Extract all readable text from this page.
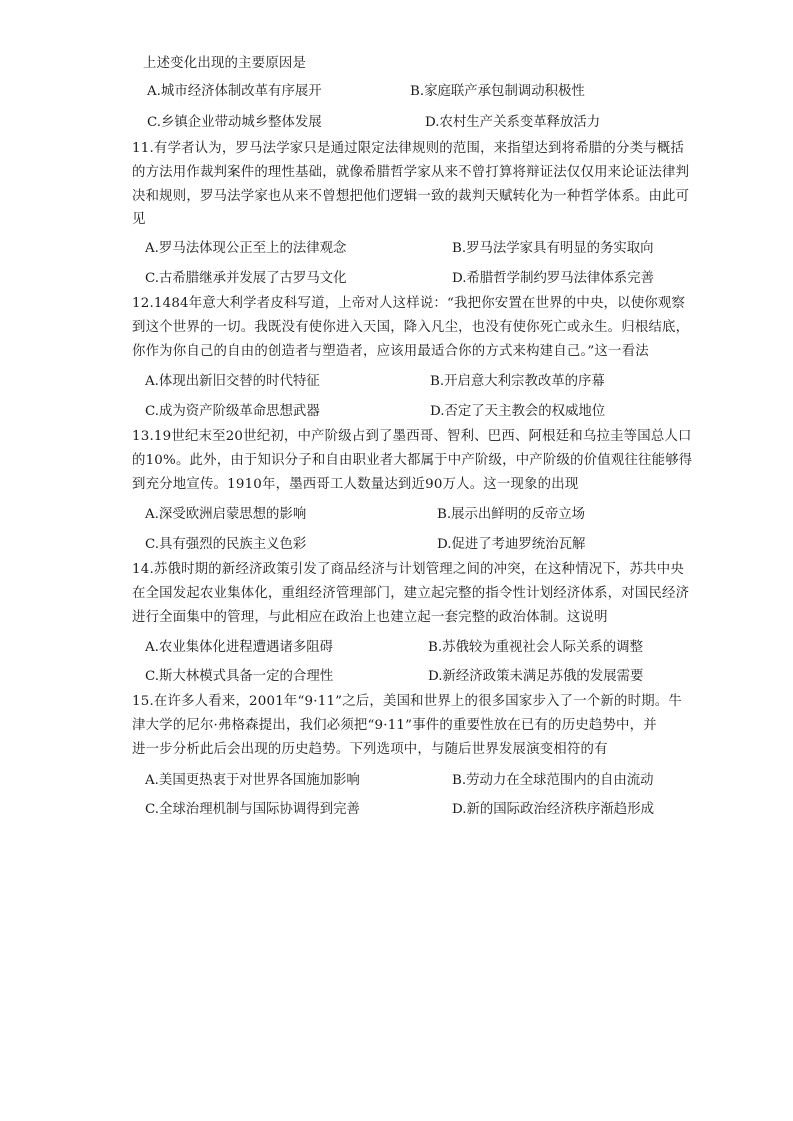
上述变化出现的主要原因是
A.城市经济体制改革有序展开	B.家庭联产承包制调动积极性
C.乡镇企业带动城乡整体发展	D.农村生产关系变革释放活力
11.有学者认为，罗马法学家只是通过限定法律规则的范围，来指望达到将希腊的分类与概括
的方法用作裁判案件的理性基础，就像希腊哲学家从来不曾打算将辩证法仅仅用来论证法律判
决和规则，罗马法学家也从来不曾想把他们逻辑一致的裁判天赋转化为一种哲学体系。由此可
见
A.罗马法体现公正至上的法律观念	B.罗马法学家具有明显的务实取向
C.古希腊继承并发展了古罗马文化	D.希腊哲学制约罗马法律体系完善
12.1484年意大利学者皮科写道，上帝对人这样说：“我把你安置在世界的中央，以使你观察
到这个世界的一切。我既没有使你进入天国，降入凡尘，也没有使你死亡或永生。归根结底，
你作为你自己的自由的创造者与塑造者，应该用最适合你的方式来构建自己。”这一看法
A.体现出新旧交替的时代特征	B.开启意大利宗教改革的序幕
C.成为资产阶级革命思想武器	D.否定了天主教会的权威地位
13.19世纪末至20世纪初，中产阶级占到了墨西哥、智利、巴西、阿根廷和乌拉圭等国总人口
的10%。此外，由于知识分子和自由职业者大都属于中产阶级，中产阶级的价值观往往能够得
到充分地宣传。1910年，墨西哥工人数量达到近90万人。这一现象的出现
A.深受欧洲启蒙思想的影响	B.展示出鲜明的反帝立场
C.具有强烈的民族主义色彩	D.促进了考迪罗统治瓦解
14.苏俄时期的新经济政策引发了商品经济与计划管理之间的冲突，在这种情况下，苏共中央
在全国发起农业集体化，重组经济管理部门，建立起完整的指令性计划经济体系，对国民经济
进行全面集中的管理，与此相应在政治上也建立起一套完整的政治体制。这说明
A.农业集体化进程遭遇诸多阻碍	B.苏俄较为重视社会人际关系的调整
C.斯大林模式具备一定的合理性	D.新经济政策未满足苏俄的发展需要
15.在许多人看来，2001年“9·11”之后，美国和世界上的很多国家步入了一个新的时期。牛
津大学的尼尔·弗格森提出，我们必须把“9·11”事件的重要性放在已有的历史趋势中，并
进一步分析此后会出现的历史趋势。下列选项中，与随后世界发展演变相符的有
A.美国更热衷于对世界各国施加影响	B.劳动力在全球范围内的自由流动
C.全球治理机制与国际协调得到完善	D.新的国际政治经济秩序渐趋形成
